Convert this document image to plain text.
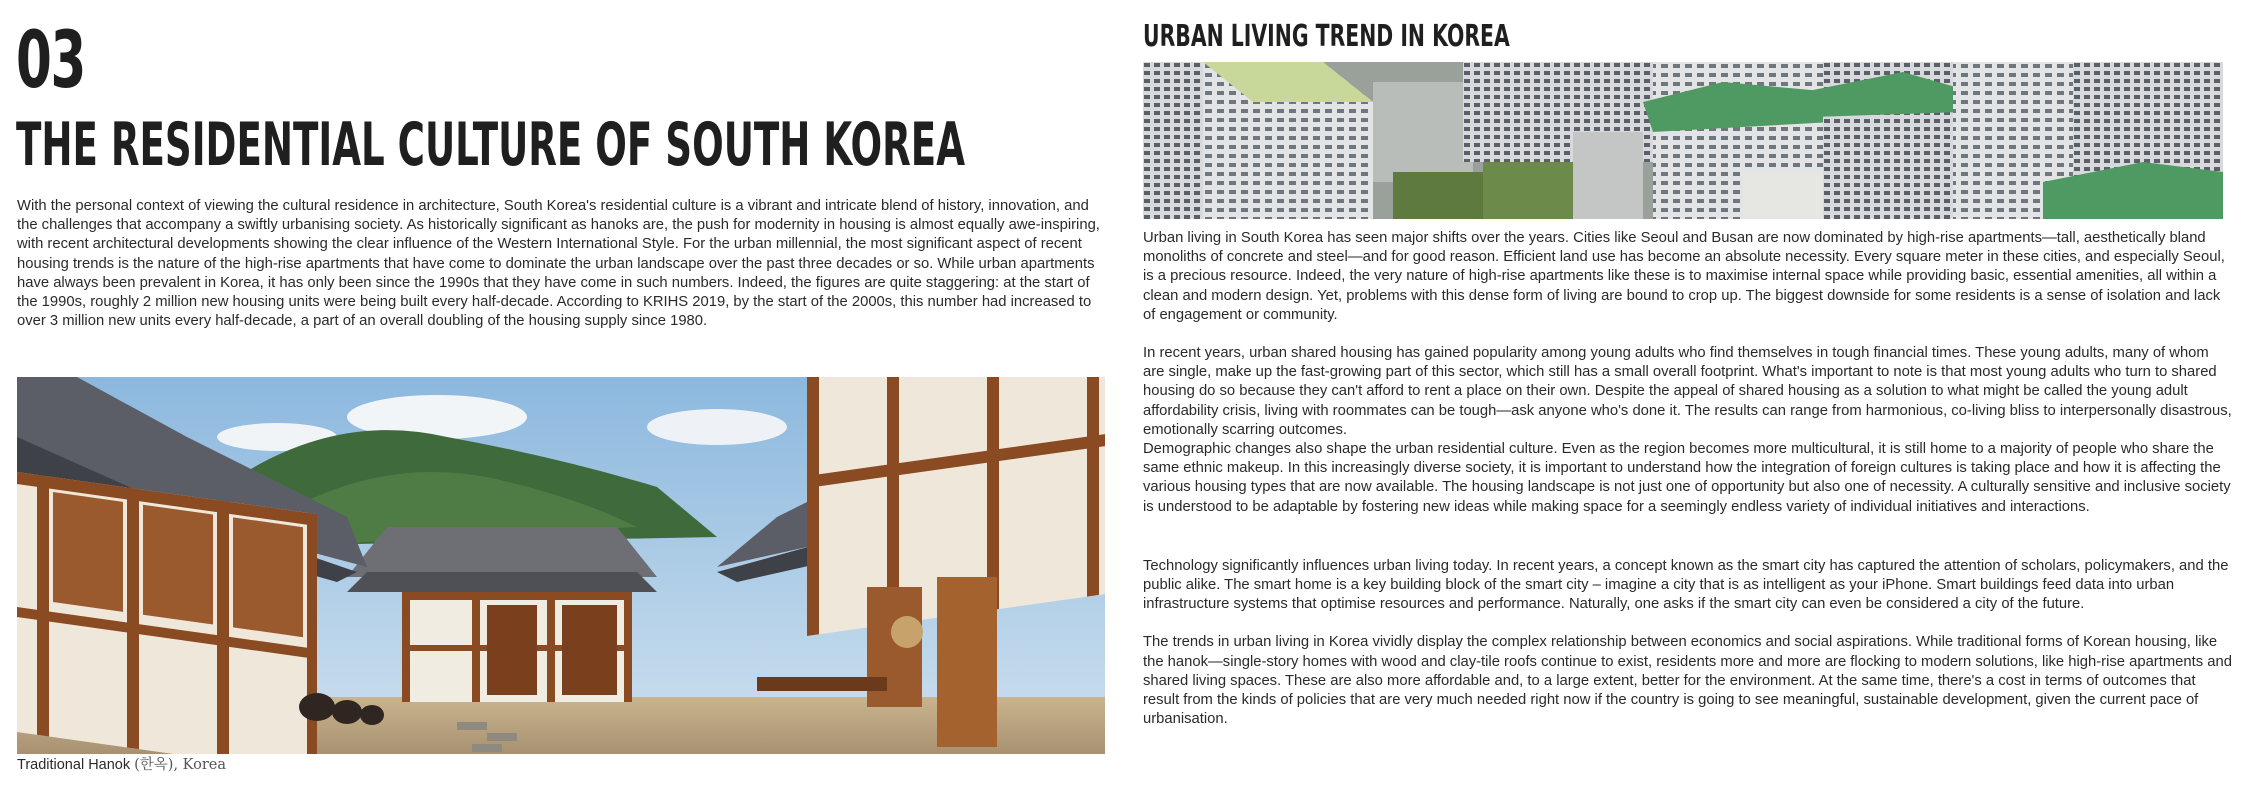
03
THE RESIDENTIAL CULTURE OF SOUTH KOREA

With the personal context of viewing the cultural residence in architecture, South Korea's residential culture is a vibrant and intricate blend of history, innovation, and the challenges that accompany a swiftly urbanising society. As historically significant as hanoks are, the push for modernity in housing is almost equally awe-inspiring, with recent architectural developments showing the clear influence of the Western International Style. For the urban millennial, the most significant aspect of recent housing trends is the nature of the high-rise apartments that have come to dominate the urban landscape over the past three decades or so. While urban apartments have always been prevalent in Korea, it has only been since the 1990s that they have come in such numbers. Indeed, the figures are quite staggering: at the start of the 1990s, roughly 2 million new housing units were being built every half-decade. According to KRIHS 2019, by the start of the 2000s, this number had increased to over 3 million new units every half-decade, a part of an overall doubling of the housing supply since 1980.

Traditional Hanok (한옥), Korea
URBAN LIVING TREND IN KOREA

Urban living in South Korea has seen major shifts over the years. Cities like Seoul and Busan are now dominated by high-rise apartments—tall, aesthetically bland monoliths of concrete and steel—and for good reason. Efficient land use has become an absolute necessity. Every square meter in these cities, and especially Seoul, is a precious resource. Indeed, the very nature of high-rise apartments like these is to maximise internal space while providing basic, essential amenities, all within a clean and modern design. Yet, problems with this dense form of living are bound to crop up. The biggest downside for some residents is a sense of isolation and lack of engagement or community.

In recent years, urban shared housing has gained popularity among young adults who find themselves in tough financial times. These young adults, many of whom are single, make up the fast-growing part of this sector, which still has a small overall footprint. What's important to note is that most young adults who turn to shared housing do so because they can't afford to rent a place on their own. Despite the appeal of shared housing as a solution to what might be called the young adult affordability crisis, living with roommates can be tough—ask anyone who's done it. The results can range from harmonious, co-living bliss to interpersonally disastrous, emotionally scarring outcomes.

Demographic changes also shape the urban residential culture. Even as the region becomes more multicultural, it is still home to a majority of people who share the same ethnic makeup. In this increasingly diverse society, it is important to understand how the integration of foreign cultures is taking place and how it is affecting the various housing types that are now available. The housing landscape is not just one of opportunity but also one of necessity. A culturally sensitive and inclusive society is understood to be adaptable by fostering new ideas while making space for a seemingly endless variety of individual initiatives and interactions.

Technology significantly influences urban living today. In recent years, a concept known as the smart city has captured the attention of scholars, policymakers, and the public alike. The smart home is a key building block of the smart city – imagine a city that is as intelligent as your iPhone. Smart buildings feed data into urban infrastructure systems that optimise resources and performance. Naturally, one asks if the smart city can even be considered a city of the future.

The trends in urban living in Korea vividly display the complex relationship between economics and social aspirations. While traditional forms of Korean housing, like the hanok—single-story homes with wood and clay-tile roofs continue to exist, residents more and more are flocking to modern solutions, like high-rise apartments and shared living spaces. These are also more affordable and, to a large extent, better for the environment. At the same time, there's a cost in terms of outcomes that result from the kinds of policies that are very much needed right now if the country is going to see meaningful, sustainable development, given the current pace of urbanisation.
